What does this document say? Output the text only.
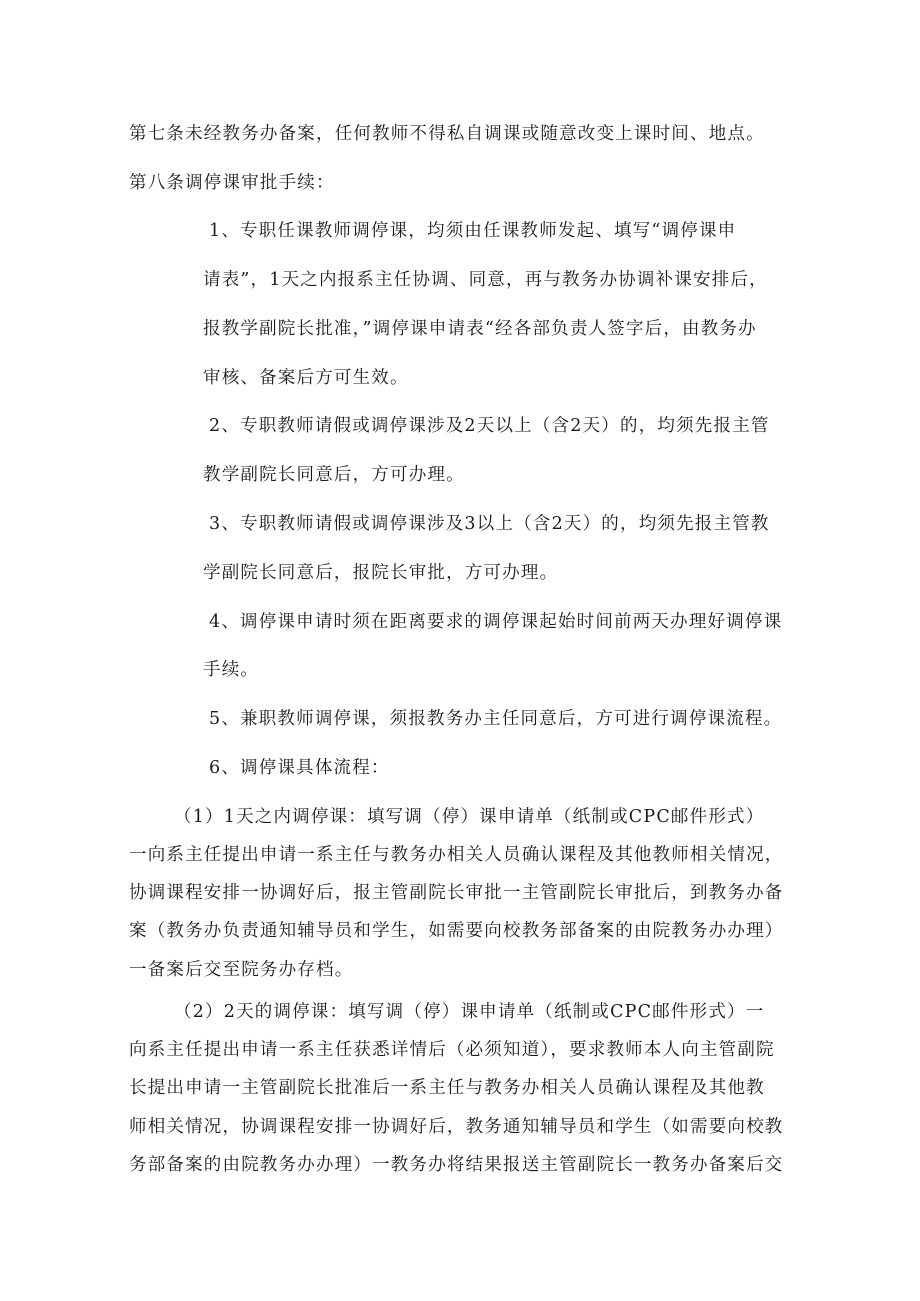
第七条未经教务办备案，任何教师不得私自调课或随意改变上课时间、地点。
第八条调停课审批手续：
1、专职任课教师调停课，均须由任课教师发起、填写“调停课申
请表”，1天之内报系主任协调、同意，再与教务办协调补课安排后，
报教学副院长批准，”调停课申请表“经各部负责人签字后，由教务办
审核、备案后方可生效。
2、专职教师请假或调停课涉及2天以上（含2天）的，均须先报主管
教学副院长同意后，方可办理。
3、专职教师请假或调停课涉及3以上（含2天）的，均须先报主管教
学副院长同意后，报院长审批，方可办理。
4、调停课申请时须在距离要求的调停课起始时间前两天办理好调停课
手续。
5、兼职教师调停课，须报教务办主任同意后，方可进行调停课流程。
6、调停课具体流程：
（1）1天之内调停课：填写调（停）课申请单（纸制或CPC邮件形式）
一向系主任提出申请一系主任与教务办相关人员确认课程及其他教师相关情况，
协调课程安排一协调好后，报主管副院长审批一主管副院长审批后，到教务办备
案（教务办负责通知辅导员和学生，如需要向校教务部备案的由院教务办办理）
一备案后交至院务办存档。
（2）2天的调停课：填写调（停）课申请单（纸制或CPC邮件形式）一
向系主任提出申请一系主任获悉详情后（必须知道），要求教师本人向主管副院
长提出申请一主管副院长批准后一系主任与教务办相关人员确认课程及其他教
师相关情况，协调课程安排一协调好后，教务通知辅导员和学生（如需要向校教
务部备案的由院教务办办理）一教务办将结果报送主管副院长一教务办备案后交
